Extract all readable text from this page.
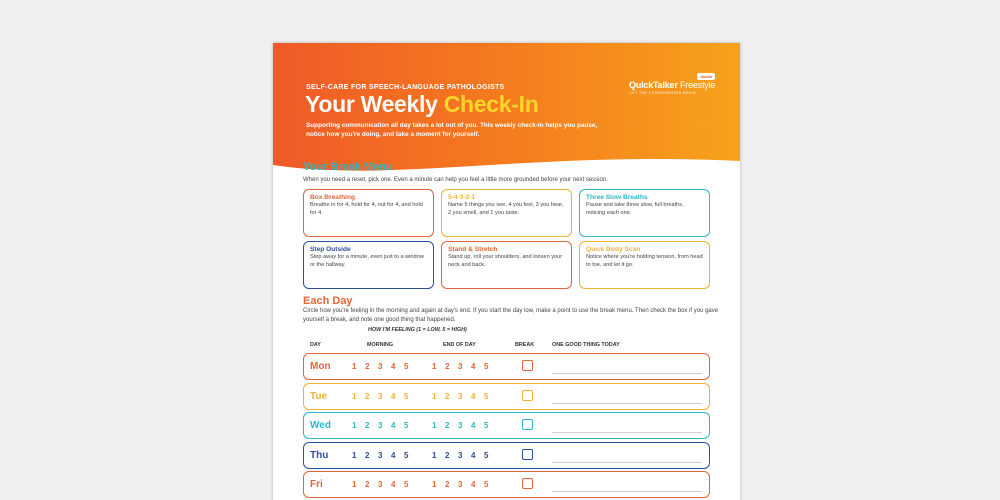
SELF-CARE FOR SPEECH-LANGUAGE PATHOLOGISTS
Your Weekly Check-In
Supporting communication all day takes a lot out of you. This weekly check-in helps you pause, notice how you're doing, and take a moment for yourself.
media
QuickTalker Freestyle
LET THE CONVERSATION BEGIN
Your Break Menu
When you need a reset, pick one. Even a minute can help you feel a little more grounded before your next session.
Box Breathing
Breathe in for 4, hold for 4, out for 4, and hold for 4.
5-4-3-2-1
Name 5 things you see, 4 you feel, 3 you hear, 2 you smell, and 1 you taste.
Three Slow Breaths
Pause and take three slow, full breaths, noticing each one.
Step Outside
Step away for a minute, even just to a window or the hallway.
Stand & Stretch
Stand up, roll your shoulders, and loosen your neck and back.
Quick Body Scan
Notice where you're holding tension, from head to toe, and let it go.
Each Day
Circle how you're feeling in the morning and again at day's end. If you start the day low, make a point to use the break menu. Then check the box if you gave yourself a break, and note one good thing that happened.
HOW I'M FEELING (1 = LOW, 5 = HIGH)
DAY	MORNING	END OF DAY	BREAK	ONE GOOD THING TODAY
Mon	1 2 3 4 5	1 2 3 4 5
Tue	1 2 3 4 5	1 2 3 4 5
Wed	1 2 3 4 5	1 2 3 4 5
Thu	1 2 3 4 5	1 2 3 4 5
Fri	1 2 3 4 5	1 2 3 4 5
